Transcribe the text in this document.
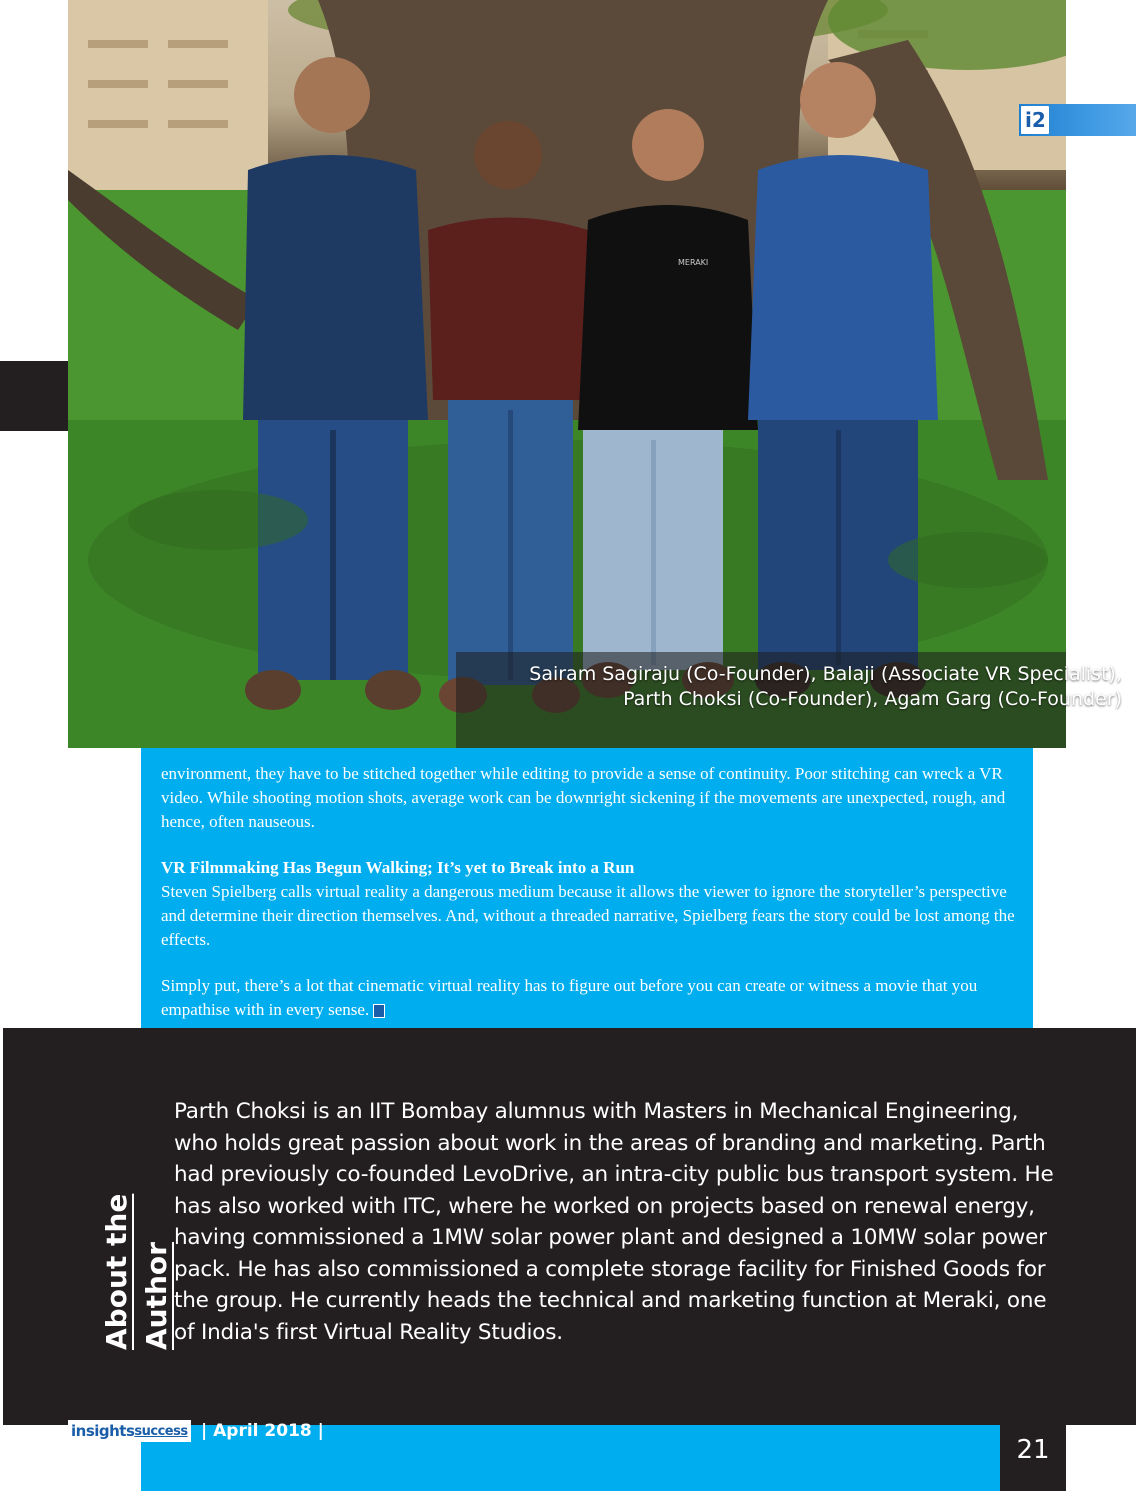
MERAKI
Sairam Sagiraju (Co-Founder), Balaji (Associate VR Specialist),
Parth Choksi (Co-Founder), Agam Garg (Co-Founder)
i2

environment, they have to be stitched together while editing to provide a sense of continuity. Poor stitching can wreck a VR video. While shooting motion shots, average work can be downright sickening if the movements are unexpected, rough, and hence, often nauseous.

VR Filmmaking Has Begun Walking; It’s yet to Break into a Run
Steven Spielberg calls virtual reality a dangerous medium because it allows the viewer to ignore the storyteller’s perspective and determine their direction themselves. And, without a threaded narrative, Spielberg fears the story could be lost among the effects.

Simply put, there’s a lot that cinematic virtual reality has to figure out before you can create or witness a movie that you empathise with in every sense.

About the Author
Parth Choksi is an IIT Bombay alumnus with Masters in Mechanical Engineering, who holds great passion about work in the areas of branding and marketing. Parth had previously co-founded LevoDrive, an intra-city public bus transport system. He has also worked with ITC, where he worked on projects based on renewal energy, having commissioned a 1MW solar power plant and designed a 10MW solar power pack. He has also commissioned a complete storage facility for Finished Goods for the group. He currently heads the technical and marketing function at Meraki, one of India's first Virtual Reality Studios.
21
insights success | April 2018 |
